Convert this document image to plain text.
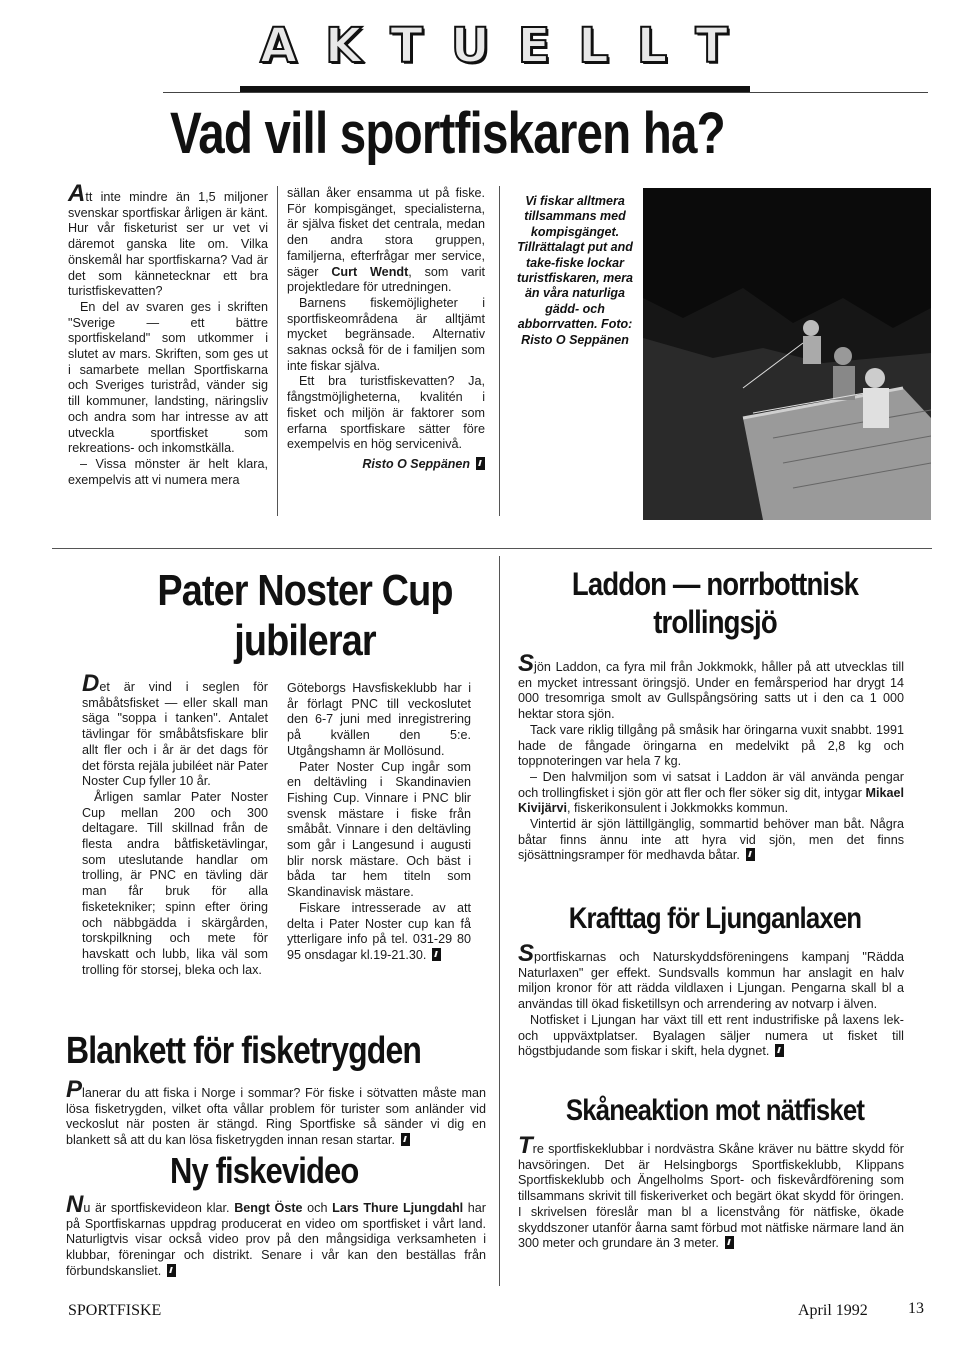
A K T U E L L T
Vad vill sportfiskaren ha?

Att inte mindre än 1,5 miljoner svenskar sportfiskar årligen är känt. Hur vår fisketurist ser ur vet vi däremot ganska lite om. Vilka önskemål har sportfiskarna? Vad är det som kännetecknar ett bra turistfiskevatten?

En del av svaren ges i skriften "Sverige — ett bättre sportfiskeland" som utkommer i slutet av mars. Skriften, som ges ut i samarbete mellan Sportfiskarna och Sveriges turistråd, vänder sig till kommuner, landsting, näringsliv och andra som har intresse av att utveckla sportfisket som rekreations- och inkomstkälla.

– Vissa mönster är helt klara, exempelvis att vi numera mera

sällan åker ensamma ut på fiske. För kompisgänget, specialisterna, är själva fisket det centrala, medan den andra stora gruppen, familjerna, efterfrågar mer service, säger Curt Wendt, som varit projektledare för utredningen.

Barnens fiskemöjligheter i sportfiskeområdena är alltjämt mycket begränsade. Alternativ saknas också för de i familjen som inte fiskar själva.

Ett bra turistfiskevatten? Ja, fångstmöjligheterna, kvalitén i fisket och miljön är faktorer som erfarna sportfiskare sätter före exempelvis en hög servicenivå.

Risto O Seppänen
Vi fiskar alltmera tillsammans med kompisgänget. Tillrättalagt put and take-fiske lockar turistfiskaren, mera än våra naturliga gädd- och abborrvatten. Foto: Risto O Seppänen
Pater Noster Cup
jubilerar

Det är vind i seglen för småbåtsfisket — eller skall man säga "soppa i tanken". Antalet tävlingar för småbåtsfiskare blir allt fler och i år är det dags för det första rejäla jubiléet när Pater Noster Cup fyller 10 år.

Årligen samlar Pater Noster Cup mellan 200 och 300 deltagare. Till skillnad från de flesta andra båtfisketävlingar, som uteslutande handlar om trolling, är PNC en tävling där man får bruk för alla fisketekniker; spinn efter öring och näbbgädda i skärgården, torskpilkning och mete för havskatt och lubb, lika väl som trolling för storsej, bleka och lax.

Göteborgs Havsfiskeklubb har i år förlagt PNC till veckoslutet den 6-7 juni med inregistrering på kvällen den 5:e. Utgångshamn är Mollösund.

Pater Noster Cup ingår som en deltävling i Skandinavien Fishing Cup. Vinnare i PNC blir svensk mästare i fiske från småbåt. Vinnare i den deltävling som går i Langesund i augusti blir norsk mästare. Och bäst i båda tar hem titeln som Skandinavisk mästare.

Fiskare intresserade av att delta i Pater Noster cup kan få ytterligare info på tel. 031-29 80 95 onsdagar kl.19-21.30.

Blankett för fisketrygden

Planerar du att fiska i Norge i sommar? För fiske i sötvatten måste man lösa fisketrygden, vilket ofta vållar problem för turister som anländer vid veckoslut när posten är stängd. Ring Sportfiske så sänder vi dig en blankett så att du kan lösa fisketrygden innan resan startar.

Ny fiskevideo

Nu är sportfiskevideon klar. Bengt Öste och Lars Thure Ljungdahl har på Sportfiskarnas uppdrag producerat en video om sportfisket i vårt land. Naturligtvis visar också video prov på den mångsidiga verksamheten i klubbar, föreningar och distrikt. Senare i vår kan den beställas från förbundskansliet.

Laddon — norrbottnisk
trollingsjö

Sjön Laddon, ca fyra mil från Jokkmokk, håller på att utvecklas till en mycket intressant öringsjö. Under en femårsperiod har drygt 14 000 tresomriga smolt av Gullspångsöring satts ut i den ca 1 000 hektar stora sjön.

Tack vare riklig tillgång på småsik har öringarna vuxit snabbt. 1991 hade de fångade öringarna en medelvikt på 2,8 kg och toppnoteringen var hela 7 kg.

– Den halvmiljon som vi satsat i Laddon är väl använda pengar och trollingfisket i sjön gör att fler och fler söker sig dit, intygar Mikael Kivijärvi, fiskerikonsulent i Jokkmokks kommun.

Vintertid är sjön lättillgänglig, sommartid behöver man båt. Några båtar finns ännu inte att hyra vid sjön, men det finns sjösättningsramper för medhavda båtar.

Krafttag för Ljunganlaxen

Sportfiskarnas och Naturskyddsföreningens kampanj "Rädda Naturlaxen" ger effekt. Sundsvalls kommun har anslagit en halv miljon kronor för att rädda vildlaxen i Ljungan. Pengarna skall bl a användas till ökad fisketillsyn och arrendering av notvarp i älven.

Notfisket i Ljungan har växt till ett rent industrifiske på laxens lek- och uppväxtplatser. Byalagen säljer numera ut fisket till högstbjudande som fiskar i skift, hela dygnet.

Skåneaktion mot nätfisket

Tre sportfiskeklubbar i nordvästra Skåne kräver nu bättre skydd för havsöringen. Det är Helsingborgs Sportfiskeklubb, Klippans Sportfiskeklubb och Ängelholms Sport- och fiskevårdförening som tillsammans skrivit till fiskeriverket och begärt ökat skydd för öringen. I skrivelsen föreslår man bl a licenstvång för nätfiske, ökade skyddszoner utanför åarna samt förbud mot nätfiske närmare land än 300 meter och grundare än 3 meter.

SPORTFISKE	April 1992	13
